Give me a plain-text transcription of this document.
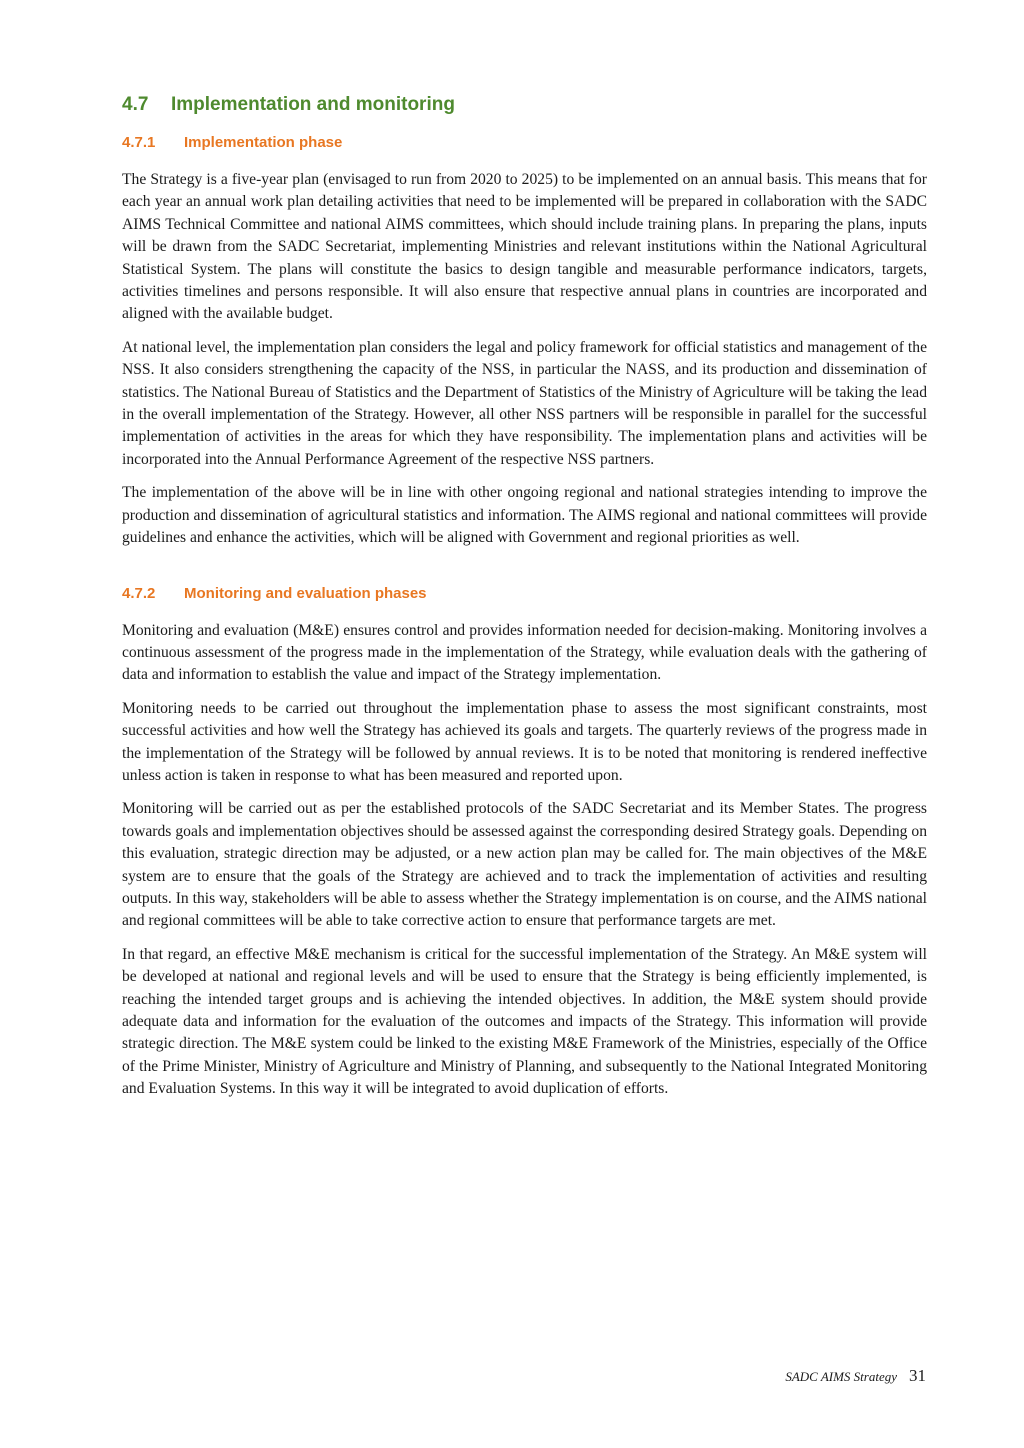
4.7 Implementation and monitoring
4.7.1 Implementation phase

The Strategy is a five-year plan (envisaged to run from 2020 to 2025) to be implemented on an annual basis. This means that for each year an annual work plan detailing activities that need to be implemented will be prepared in collaboration with the SADC AIMS Technical Committee and national AIMS committees, which should include training plans. In preparing the plans, inputs will be drawn from the SADC Secretariat, implementing Ministries and relevant institutions within the National Agricultural Statistical System. The plans will constitute the basics to design tangible and measurable performance indicators, targets, activities timelines and persons responsible. It will also ensure that respective annual plans in countries are incorporated and aligned with the available budget.

At national level, the implementation plan considers the legal and policy framework for official statistics and management of the NSS. It also considers strengthening the capacity of the NSS, in particular the NASS, and its production and dissemination of statistics. The National Bureau of Statistics and the Department of Statistics of the Ministry of Agriculture will be taking the lead in the overall implementation of the Strategy. However, all other NSS partners will be responsible in parallel for the successful implementation of activities in the areas for which they have responsibility. The implementation plans and activities will be incorporated into the Annual Performance Agreement of the respective NSS partners.

The implementation of the above will be in line with other ongoing regional and national strategies intending to improve the production and dissemination of agricultural statistics and information. The AIMS regional and national committees will provide guidelines and enhance the activities, which will be aligned with Government and regional priorities as well.

4.7.2 Monitoring and evaluation phases

Monitoring and evaluation (M&E) ensures control and provides information needed for decision-making. Monitoring involves a continuous assessment of the progress made in the implementation of the Strategy, while evaluation deals with the gathering of data and information to establish the value and impact of the Strategy implementation.

Monitoring needs to be carried out throughout the implementation phase to assess the most significant constraints, most successful activities and how well the Strategy has achieved its goals and targets. The quarterly reviews of the progress made in the implementation of the Strategy will be followed by annual reviews. It is to be noted that monitoring is rendered ineffective unless action is taken in response to what has been measured and reported upon.

Monitoring will be carried out as per the established protocols of the SADC Secretariat and its Member States. The progress towards goals and implementation objectives should be assessed against the corresponding desired Strategy goals. Depending on this evaluation, strategic direction may be adjusted, or a new action plan may be called for. The main objectives of the M&E system are to ensure that the goals of the Strategy are achieved and to track the implementation of activities and resulting outputs. In this way, stakeholders will be able to assess whether the Strategy implementation is on course, and the AIMS national and regional committees will be able to take corrective action to ensure that performance targets are met.

In that regard, an effective M&E mechanism is critical for the successful implementation of the Strategy. An M&E system will be developed at national and regional levels and will be used to ensure that the Strategy is being efficiently implemented, is reaching the intended target groups and is achieving the intended objectives. In addition, the M&E system should provide adequate data and information for the evaluation of the outcomes and impacts of the Strategy. This information will provide strategic direction. The M&E system could be linked to the existing M&E Framework of the Ministries, especially of the Office of the Prime Minister, Ministry of Agriculture and Ministry of Planning, and subsequently to the National Integrated Monitoring and Evaluation Systems. In this way it will be integrated to avoid duplication of efforts.

SADC AIMS Strategy 31
